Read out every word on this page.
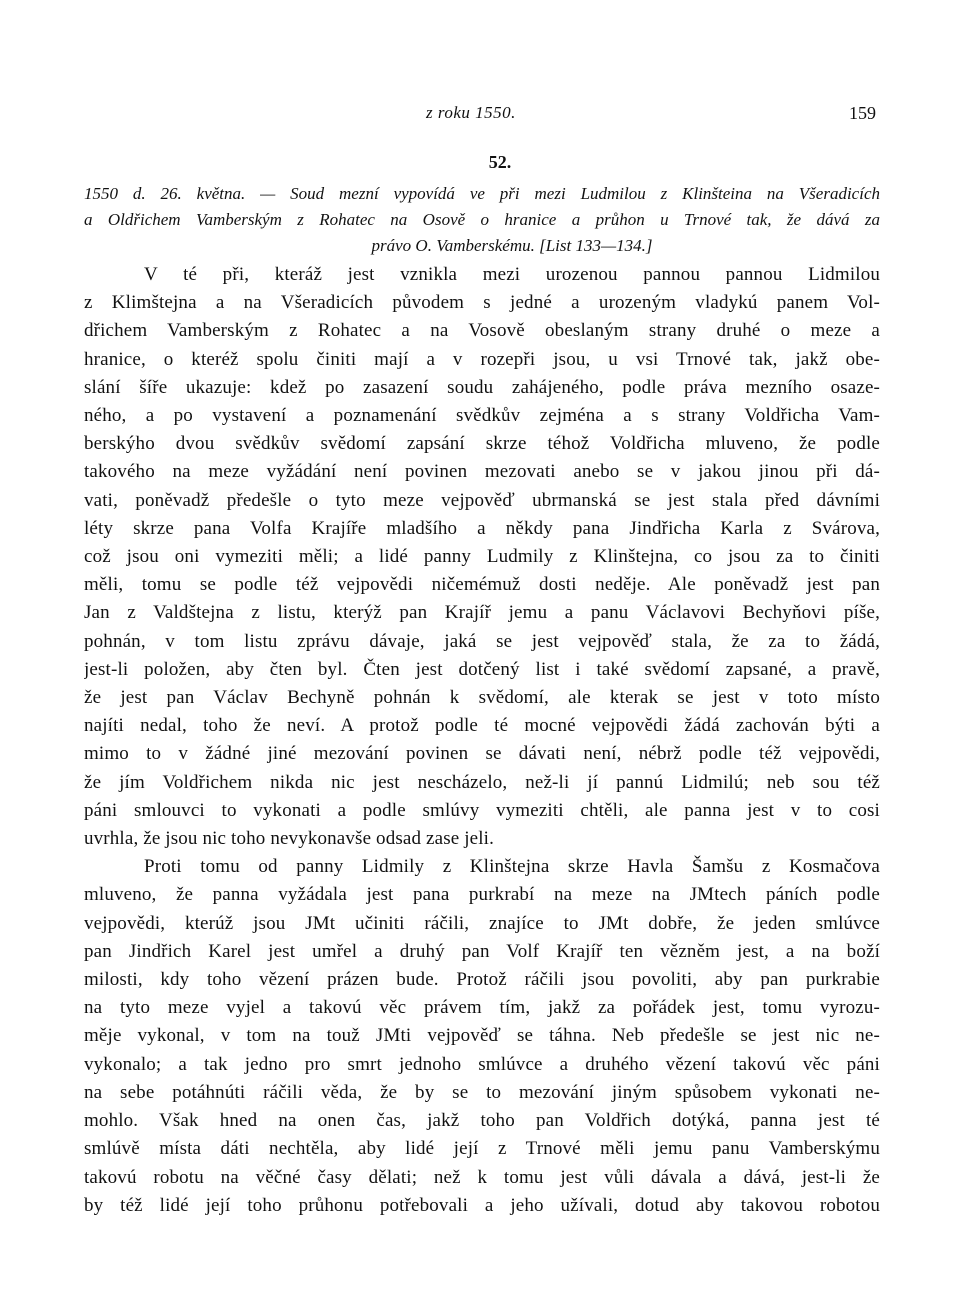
z roku 1550.	159
52.

1550 d. 26. května. — Soud mezní vypovídá ve při mezi Ludmilou z Klinšteina na Všeradicích

a Oldřichem Vamberským z Rohatec na Osově o hranice a průhon u Trnové tak, že dává za

právo O. Vamberskému. [List 133—134.]

V té při, kteráž jest vznikla mezi urozenou pannou pannou Lidmilou
z Klimštejna a na Všeradicích původem s jedné a urozeným vladykú panem Vol-
dřichem Vamberským z Rohatec a na Vosově obeslaným strany druhé o meze a
hranice, o kteréž spolu činiti mají a v rozepři jsou, u vsi Trnové tak, jakž obe-
slání šíře ukazuje: kdež po zasazení soudu zahájeného, podle práva mezního osaze-
ného, a po vystavení a poznamenání svědkův zejména a s strany Voldřicha Vam-
berskýho dvou svědkův svědomí zapsání skrze téhož Voldřicha mluveno, že podle
takového na meze vyžádání není povinen mezovati anebo se v jakou jinou při dá-
vati, poněvadž předešle o tyto meze vejpověď ubrmanská se jest stala před dávními
léty skrze pana Volfa Krajíře mladšího a někdy pana Jindřicha Karla z Svárova,
což jsou oni vymeziti měli; a lidé panny Ludmily z Klinštejna, co jsou za to činiti
měli, tomu se podle též vejpovědi ničemémuž dosti neděje. Ale poněvadž jest pan
Jan z Valdštejna z listu, kterýž pan Krajíř jemu a panu Václavovi Bechyňovi píše,
pohnán, v tom listu zprávu dávaje, jaká se jest vejpověď stala, že za to žádá,
jest-li položen, aby čten byl. Čten jest dotčený list i také svědomí zapsané, a pravě,
že jest pan Václav Bechyně pohnán k svědomí, ale kterak se jest v toto místo
najíti nedal, toho že neví. A protož podle té mocné vejpovědi žádá zachován býti a
mimo to v žádné jiné mezování povinen se dávati není, nébrž podle též vejpovědi,
že jím Voldřichem nikda nic jest nescházelo, než-li jí pannú Lidmilú; neb sou též
páni smlouvci to vykonati a podle smlúvy vymeziti chtěli, ale panna jest v to cosi
uvrhla, že jsou nic toho nevykonavše odsad zase jeli.
Proti tomu od panny Lidmily z Klinštejna skrze Havla Šamšu z Kosmačova
mluveno, že panna vyžádala jest pana purkrabí na meze na JMtech páních podle
vejpovědi, kterúž jsou JMt učiniti ráčili, znajíce to JMt dobře, že jeden smlúvce
pan Jindřich Karel jest umřel a druhý pan Volf Krajíř ten vězněm jest, a na boží
milosti, kdy toho vězení prázen bude. Protož ráčili jsou povoliti, aby pan purkrabie
na tyto meze vyjel a takovú věc právem tím, jakž za pořádek jest, tomu vyrozu-
mějе vykonal, v tom na touž JMti vejpověď se táhna. Neb předešle se jest nic ne-
vykonalo; a tak jedno pro smrt jednoho smlúvce a druhého vězení takovú věc páni
na sebe potáhnúti ráčili věda, že by se to mezování jiným spůsobem vykonati ne-
mohlo. Však hned na onen čas, jakž toho pan Voldřich dotýká, panna jest té
smlúvě místa dáti nechtěla, aby lidé její z Trnové měli jemu panu Vamberskýmu
takovú robotu na věčné časy dělati; než k tomu jest vůli dávala a dává, jest-li že
by též lidé její toho průhonu potřebovali a jeho užívali, dotud aby takovou robotou
